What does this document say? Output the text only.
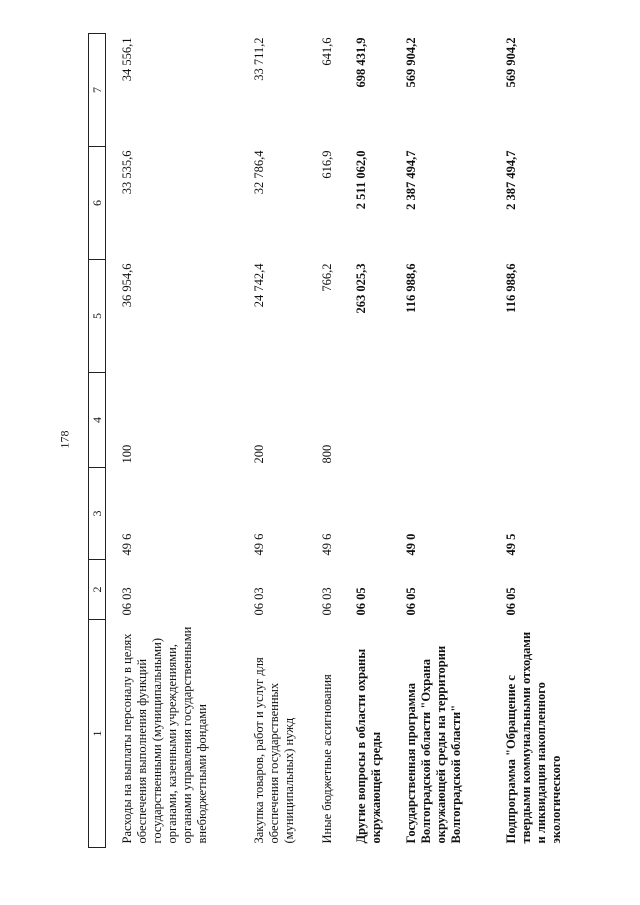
178
1	2	3	4	5	6	7
Расходы на выплаты персоналу в целях обеспечения выполнения функций государственными (муниципальными) органами, казенными учреждениями, органами управления государственными внебюджетными фондами	06 03	49 6	100	36 954,6	33 535,6	34 556,1
Закупка товаров, работ и услуг для обеспечения государственных (муниципальных) нужд	06 03	49 6	200	24 742,4	32 786,4	33 711,2
Иные бюджетные ассигнования	06 03	49 6	800	766,2	616,9	641,6
Другие вопросы в области охраны окружающей среды	06 05			263 025,3	2 511 062,0	698 431,9
Государственная программа Волгоградской области "Охрана окружающей среды на территории Волгоградской области"	06 05	49 0		116 988,6	2 387 494,7	569 904,2
Подпрограмма "Обращение с твердыми коммунальными отходами и ликвидация накопленного экологического	06 05	49 5		116 988,6	2 387 494,7	569 904,2
